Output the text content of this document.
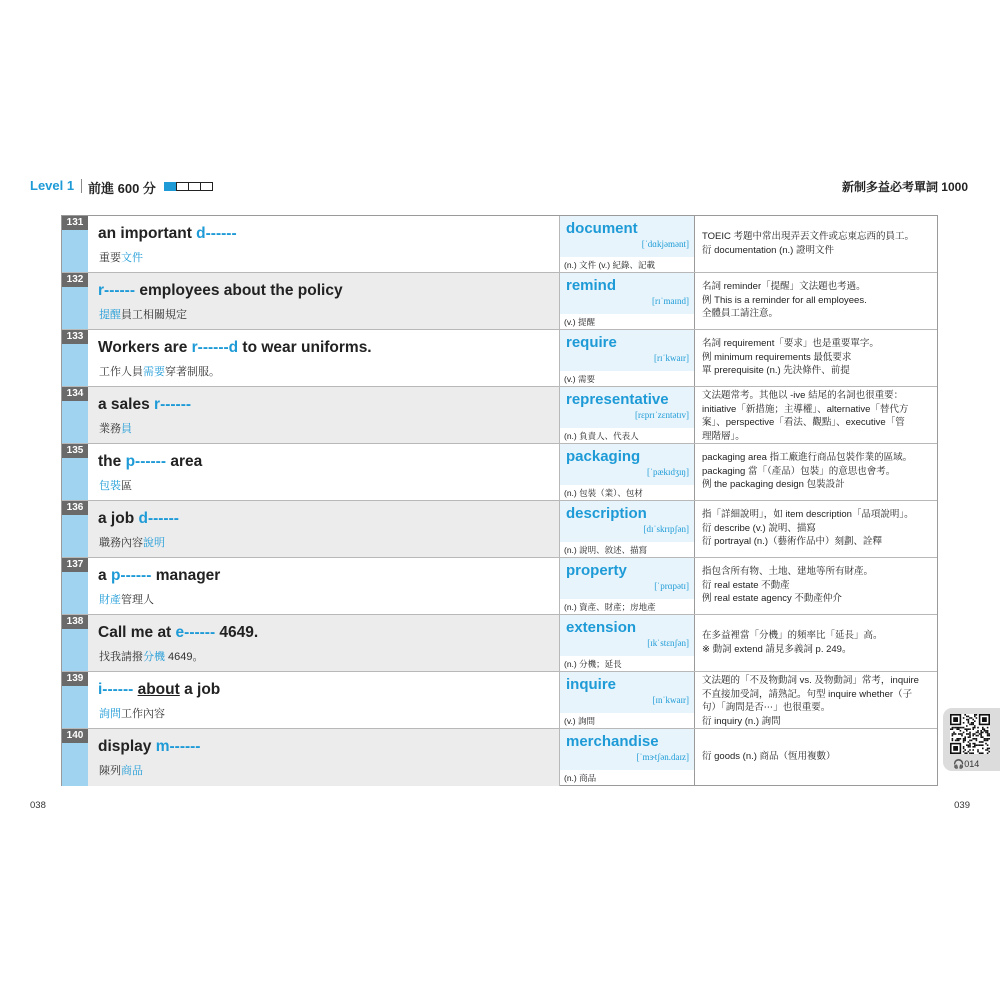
Level 1 前進 600 分	新制多益必考單詞 1000
131
an important d------
重要文件
document
[ˈdɑkjəmənt]
(n.) 文件 (v.) 紀錄、記載
TOEIC 考題中常出現弄丟文件或忘東忘西的員工。
衍 documentation (n.) 證明文件
132
r------ employees about the policy
提醒員工相關規定
remind
[rɪˈmaɪnd]
(v.) 提醒
名詞 reminder「提醒」文法題也考過。
例 This is a reminder for all employees.
全體員工請注意。
133
Workers are r------d to wear uniforms.
工作人員需要穿著制服。
require
[rɪˈkwaɪr]
(v.) 需要
名詞 requirement「要求」也是重要單字。
例 minimum requirements 最低要求
單 prerequisite (n.) 先決條件、前提
134
a sales r------
業務員
representative
[rɛprɪˈzɛntətɪv]
(n.) 負責人、代表人
文法題常考。其他以 -ive 結尾的名詞也很重要：
initiative「新措施；主導權」、alternative「替代方
案」、perspective「看法、觀點」、executive「管
理階層」。
135
the p------ area
包裝區
packaging
[ˈpækɪdʒɪŋ]
(n.) 包裝（業）、包材
packaging area 指工廠進行商品包裝作業的區域。
packaging 當「（產品）包裝」的意思也會考。
例 the packaging design 包裝設計
136
a job d------
職務內容說明
description
[dɪˈskrɪpʃən]
(n.) 說明、敘述、描寫
指「詳細說明」，如 item description「品項說明」。
衍 describe (v.) 說明、描寫
衍 portrayal (n.)（藝術作品中）刻劃、詮釋
137
a p------ manager
財產管理人
property
[ˈprɑpətɪ]
(n.) 資產、財產；房地產
指包含所有物、土地、建地等所有財產。
衍 real estate 不動產
例 real estate agency 不動產仲介
138
Call me at e------ 4649.
找我請撥分機 4649。
extension
[ɪkˈstɛnʃən]
(n.) 分機；延長
在多益裡當「分機」的頻率比「延長」高。
※ 動詞 extend 請見多義詞 p. 249。
139
i------ about a job
詢問工作內容
inquire
[ɪnˈkwaɪr]
(v.) 詢問
文法題的「不及物動詞 vs. 及物動詞」常考，inquire
不直接加受詞，請熟記。句型 inquire whether（子
句）「詢問是否⋯」也很重要。
衍 inquiry (n.) 詢問
140
display m------
陳列商品
merchandise
[ˈmɝtʃən.daɪz]
(n.) 商品
衍 goods (n.) 商品（恆用複數）
🎧014
038	039
